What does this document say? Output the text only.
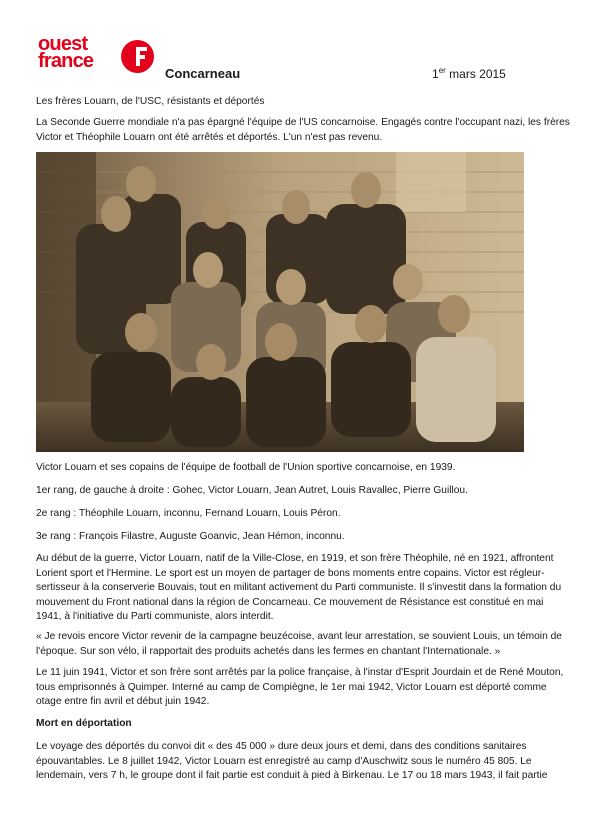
ouest
france
Concarneau	1er mars 2015

Les frères Louarn, de l'USC, résistants et déportés

La Seconde Guerre mondiale n'a pas épargné l'équipe de l'US concarnoise. Engagés contre l'occupant nazi, les frères
Victor et Théophile Louarn ont été arrêtés et déportés. L'un n'est pas revenu.

Victor Louarn et ses copains de l'équipe de football de l'Union sportive concarnoise, en 1939.

1er rang, de gauche à droite : Gohec, Victor Louarn, Jean Autret, Louis Ravallec, Pierre Guillou.

2e rang : Théophile Louarn, inconnu, Fernand Louarn, Louis Péron.

3e rang : François Filastre, Auguste Goanvic, Jean Hémon, inconnu.

Au début de la guerre, Victor Louarn, natif de la Ville-Close, en 1919, et son frère Théophile, né en 1921, affrontent
Lorient sport et l'Hermine. Le sport est un moyen de partager de bons moments entre copains. Victor est régleur-
sertisseur à la conserverie Bouvais, tout en militant activement du Parti communiste. Il s'investit dans la formation du
mouvement du Front national dans la région de Concarneau. Ce mouvement de Résistance est constitué en mai
1941, à l'initiative du Parti communiste, alors interdit.

« Je revois encore Victor revenir de la campagne beuzécoise, avant leur arrestation, se souvient Louis, un témoin de
l'époque. Sur son vélo, il rapportait des produits achetés dans les fermes en chantant l'Internationale. »

Le 11 juin 1941, Victor et son frère sont arrêtés par la police française, à l'instar d'Esprit Jourdain et de René Mouton,
tous emprisonnés à Quimper. Interné au camp de Compiègne, le 1er mai 1942, Victor Louarn est déporté comme
otage entre fin avril et début juin 1942.

Mort en déportation

Le voyage des déportés du convoi dit « des 45 000 » dure deux jours et demi, dans des conditions sanitaires
épouvantables. Le 8 juillet 1942, Victor Louarn est enregistré au camp d'Auschwitz sous le numéro 45 805. Le
lendemain, vers 7 h, le groupe dont il fait partie est conduit à pied à Birkenau. Le 17 ou 18 mars 1943, il fait partie
